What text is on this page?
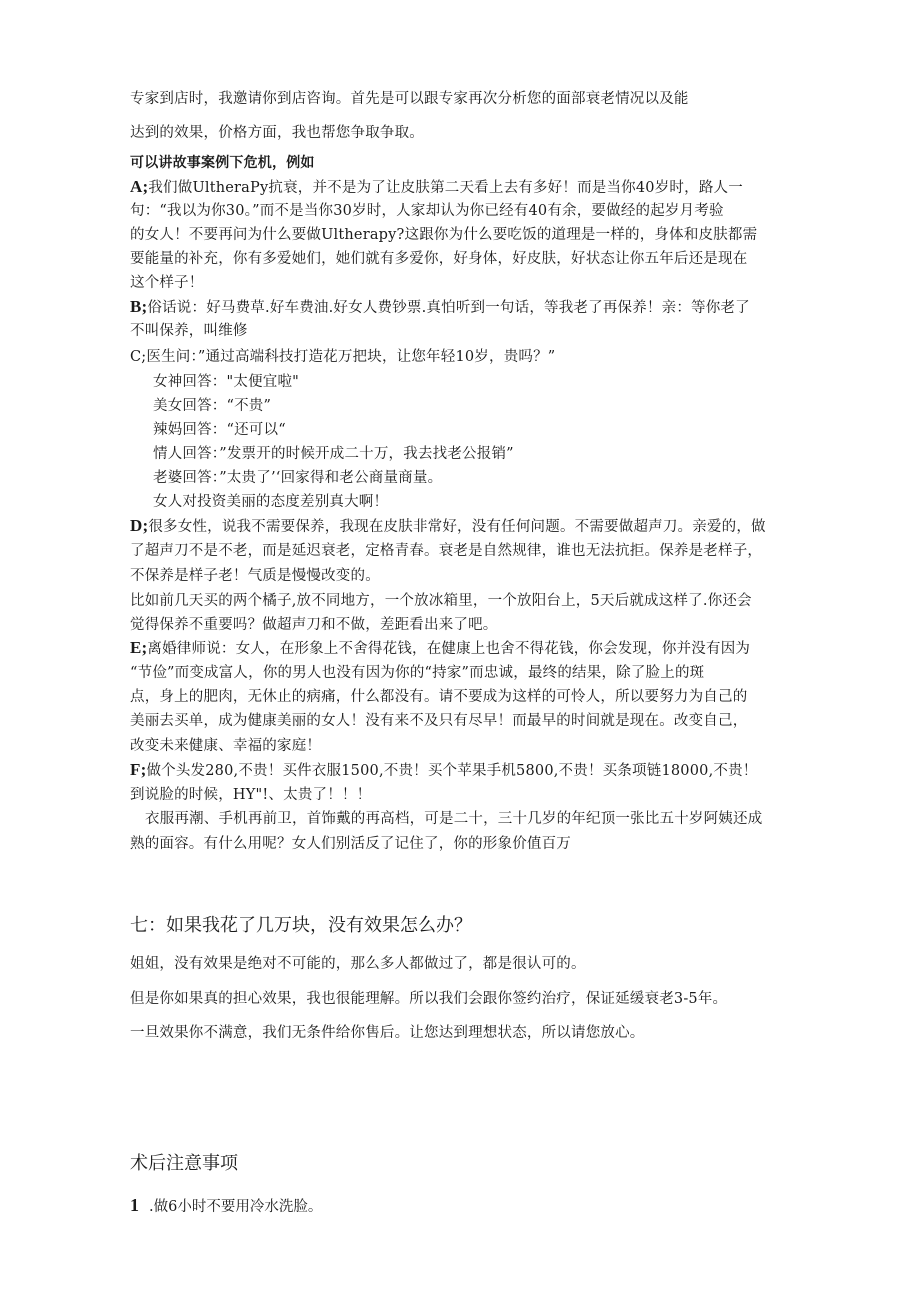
专家到店时，我邀请你到店咨询。首先是可以跟专家再次分析您的面部衰老情况以及能
达到的效果，价格方面，我也帮您争取争取。
可以讲故事案例下危机，例如
A;我们做UltheraPy抗衰，并不是为了让皮肤第二天看上去有多好！而是当你40岁时，路人一
句：“我以为你30。”而不是当你30岁时，人家却认为你已经有40有余，要做经的起岁月考验
的女人！不要再问为什么要做Ultherapy?这跟你为什么要吃饭的道理是一样的，身体和皮肤都需
要能量的补充，你有多爱她们，她们就有多爱你，好身体，好皮肤，好状态让你五年后还是现在
这个样子！
B;俗话说：好马费草.好车费油.好女人费钞票.真怕听到一句话，等我老了再保养！亲：等你老了
不叫保养，叫维修
C;医生问：”通过高端科技打造花万把块，让您年轻10岁，贵吗？”
女神回答："太便宜啦"
美女回答：“不贵”
辣妈回答：“还可以“
情人回答：”发票开的时候开成二十万，我去找老公报销”
老婆回答：”太贵了’‘回家得和老公商量商量。
女人对投资美丽的态度差别真大啊！
D;很多女性，说我不需要保养，我现在皮肤非常好，没有任何问题。不需要做超声刀。亲爱的，做
了超声刀不是不老，而是延迟衰老，定格青春。衰老是自然规律，谁也无法抗拒。保养是老样子，
不保养是样子老！气质是慢慢改变的。
比如前几天买的两个橘子,放不同地方，一个放冰箱里，一个放阳台上，5天后就成这样了.你还会
觉得保养不重要吗？做超声刀和不做，差距看出来了吧。
E;离婚律师说：女人，在形象上不舍得花钱，在健康上也舍不得花钱，你会发现，你并没有因为
“节俭”而变成富人，你的男人也没有因为你的“持家”而忠诚，最终的结果，除了脸上的斑
点，身上的肥肉，无休止的病痛，什么都没有。请不要成为这样的可怜人，所以要努力为自己的
美丽去买单，成为健康美丽的女人！没有来不及只有尽早！而最早的时间就是现在。改变自己，
改变未来健康、幸福的家庭！
F;做个头发280,不贵！买件衣服1500,不贵！买个苹果手机5800,不贵！买条项链18000,不贵！
到说脸的时候，HY"!、太贵了！！！
衣服再潮、手机再前卫，首饰戴的再高档，可是二十，三十几岁的年纪顶一张比五十岁阿姨还成
熟的面容。有什么用呢？女人们别活反了记住了，你的形象价值百万
七：如果我花了几万块，没有效果怎么办？
姐姐，没有效果是绝对不可能的，那么多人都做过了，都是很认可的。
但是你如果真的担心效果，我也很能理解。所以我们会跟你签约治疗，保证延缓衰老3-5年。
一旦效果你不满意，我们无条件给你售后。让您达到理想状态，所以请您放心。
术后注意事项
1 .做6小时不要用冷水洗脸。
